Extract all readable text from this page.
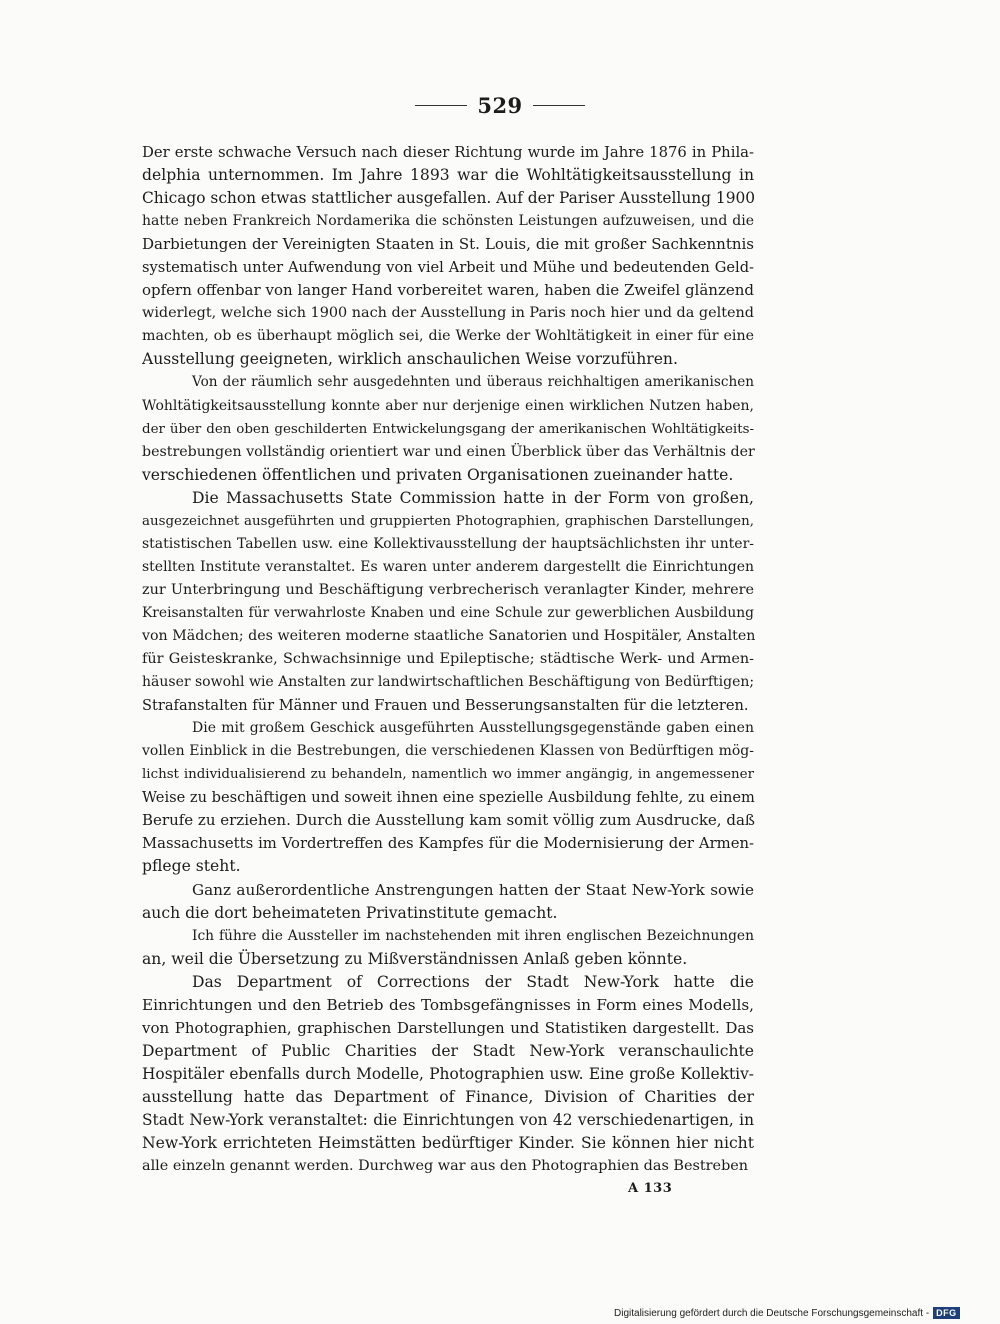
529
Der erste schwache Versuch nach dieser Richtung wurde im Jahre 1876 in Phila-
delphia unternommen. Im Jahre 1893 war die Wohltätigkeitsausstellung in
Chicago schon etwas stattlicher ausgefallen. Auf der Pariser Ausstellung 1900
hatte neben Frankreich Nordamerika die schönsten Leistungen aufzuweisen, und die
Darbietungen der Vereinigten Staaten in St. Louis, die mit großer Sachkenntnis
systematisch unter Aufwendung von viel Arbeit und Mühe und bedeutenden Geld-
opfern offenbar von langer Hand vorbereitet waren, haben die Zweifel glänzend
widerlegt, welche sich 1900 nach der Ausstellung in Paris noch hier und da geltend
machten, ob es überhaupt möglich sei, die Werke der Wohltätigkeit in einer für eine
Ausstellung geeigneten, wirklich anschaulichen Weise vorzuführen.
Von der räumlich sehr ausgedehnten und überaus reichhaltigen amerikanischen
Wohltätigkeitsausstellung konnte aber nur derjenige einen wirklichen Nutzen haben,
der über den oben geschilderten Entwickelungsgang der amerikanischen Wohltätigkeits-
bestrebungen vollständig orientiert war und einen Überblick über das Verhältnis der
verschiedenen öffentlichen und privaten Organisationen zueinander hatte.
Die Massachusetts State Commission hatte in der Form von großen,
ausgezeichnet ausgeführten und gruppierten Photographien, graphischen Darstellungen,
statistischen Tabellen usw. eine Kollektivausstellung der hauptsächlichsten ihr unter-
stellten Institute veranstaltet. Es waren unter anderem dargestellt die Einrichtungen
zur Unterbringung und Beschäftigung verbrecherisch veranlagter Kinder, mehrere
Kreisanstalten für verwahrloste Knaben und eine Schule zur gewerblichen Ausbildung
von Mädchen; des weiteren moderne staatliche Sanatorien und Hospitäler, Anstalten
für Geisteskranke, Schwachsinnige und Epileptische; städtische Werk- und Armen-
häuser sowohl wie Anstalten zur landwirtschaftlichen Beschäftigung von Bedürftigen;
Strafanstalten für Männer und Frauen und Besserungsanstalten für die letzteren.
Die mit großem Geschick ausgeführten Ausstellungsgegenstände gaben einen
vollen Einblick in die Bestrebungen, die verschiedenen Klassen von Bedürftigen mög-
lichst individualisierend zu behandeln, namentlich wo immer angängig, in angemessener
Weise zu beschäftigen und soweit ihnen eine spezielle Ausbildung fehlte, zu einem
Berufe zu erziehen. Durch die Ausstellung kam somit völlig zum Ausdrucke, daß
Massachusetts im Vordertreffen des Kampfes für die Modernisierung der Armen-
pflege steht.
Ganz außerordentliche Anstrengungen hatten der Staat New-York sowie
auch die dort beheimateten Privatinstitute gemacht.
Ich führe die Aussteller im nachstehenden mit ihren englischen Bezeichnungen
an, weil die Übersetzung zu Mißverständnissen Anlaß geben könnte.
Das Department of Corrections der Stadt New-York hatte die
Einrichtungen und den Betrieb des Tombsgefängnisses in Form eines Modells,
von Photographien, graphischen Darstellungen und Statistiken dargestellt. Das
Department of Public Charities der Stadt New-York veranschaulichte
Hospitäler ebenfalls durch Modelle, Photographien usw. Eine große Kollektiv-
ausstellung hatte das Department of Finance, Division of Charities der
Stadt New-York veranstaltet: die Einrichtungen von 42 verschiedenartigen, in
New-York errichteten Heimstätten bedürftiger Kinder. Sie können hier nicht
alle einzeln genannt werden. Durchweg war aus den Photographien das Bestreben
A 133
Digitalisierung gefördert durch die Deutsche Forschungsgemeinschaft - DFG
